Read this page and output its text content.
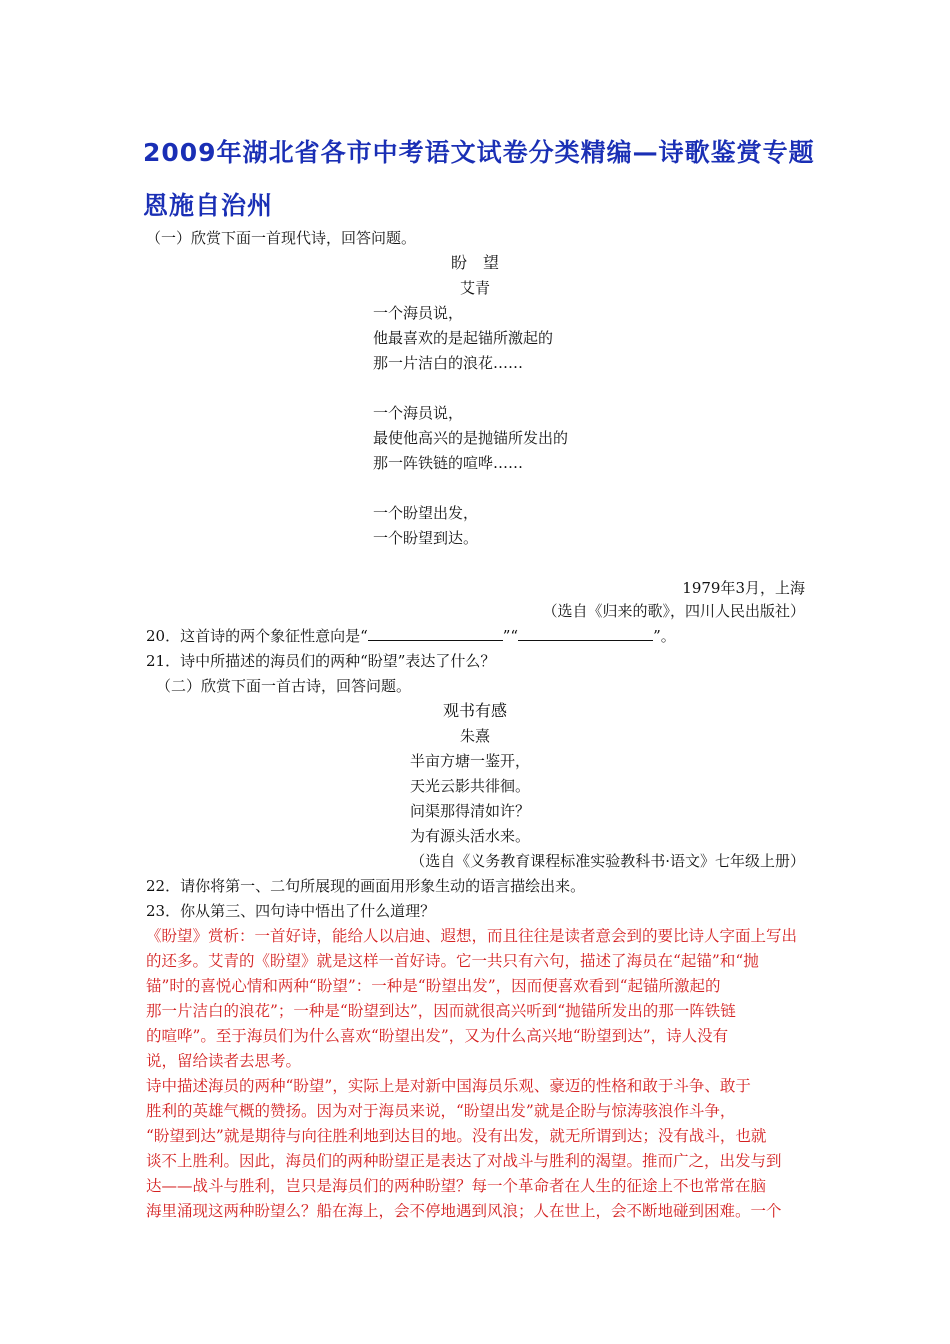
2009年湖北省各市中考语文试卷分类精编—诗歌鉴赏专题
恩施自治州
（一）欣赏下面一首现代诗，回答问题。
盼　望
艾青
一个海员说，
他最喜欢的是起锚所激起的
那一片洁白的浪花……
一个海员说，
最使他高兴的是抛锚所发出的
那一阵铁链的喧哗……
一个盼望出发，
一个盼望到达。
1979年3月，上海
（选自《归来的歌》，四川人民出版社）
20．这首诗的两个象征性意向是“	”“	”。
21．诗中所描述的海员们的两种“盼望”表达了什么？
（二）欣赏下面一首古诗，回答问题。
观书有感
朱熹
半亩方塘一鉴开，
天光云影共徘徊。
问渠那得清如许？
为有源头活水来。
（选自《义务教育课程标准实验教科书·语文》七年级上册）
22．请你将第一、二句所展现的画面用形象生动的语言描绘出来。
23．你从第三、四句诗中悟出了什么道理？
《盼望》赏析：一首好诗，能给人以启迪、遐想，而且往往是读者意会到的要比诗人字面上写出
的还多。艾青的《盼望》就是这样一首好诗。它一共只有六句，描述了海员在“起锚”和“抛
锚”时的喜悦心情和两种“盼望”：一种是“盼望出发”，因而便喜欢看到“起锚所激起的
那一片洁白的浪花”；一种是“盼望到达”，因而就很高兴听到“抛锚所发出的那一阵铁链
的喧哗”。至于海员们为什么喜欢“盼望出发”，又为什么高兴地“盼望到达”，诗人没有
说，留给读者去思考。
诗中描述海员的两种“盼望”，实际上是对新中国海员乐观、豪迈的性格和敢于斗争、敢于
胜利的英雄气概的赞扬。因为对于海员来说，“盼望出发”就是企盼与惊涛骇浪作斗争，
“盼望到达”就是期待与向往胜利地到达目的地。没有出发，就无所谓到达；没有战斗，也就
谈不上胜利。因此，海员们的两种盼望正是表达了对战斗与胜利的渴望。推而广之，出发与到
达——战斗与胜利，岂只是海员们的两种盼望？每一个革命者在人生的征途上不也常常在脑
海里涌现这两种盼望么？船在海上，会不停地遇到风浪；人在世上，会不断地碰到困难。一个
